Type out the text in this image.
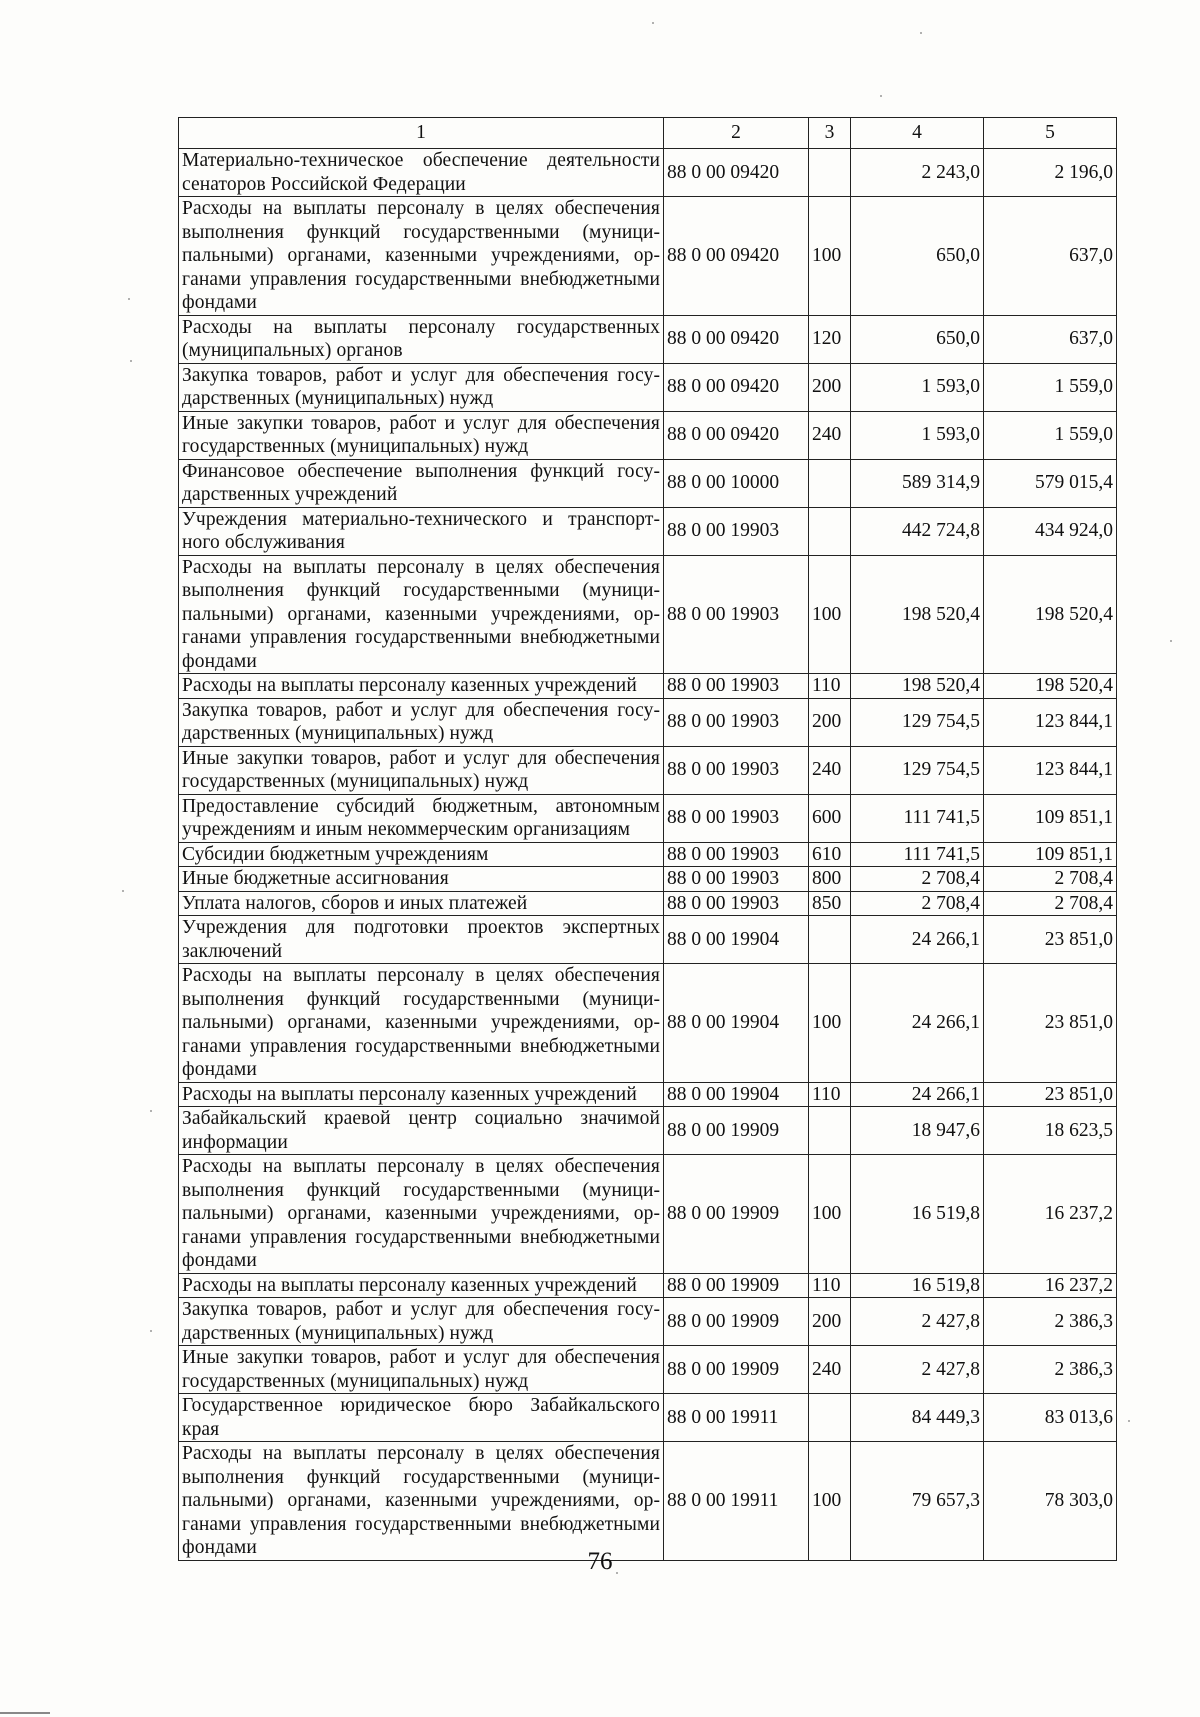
1	2	3	4	5
Материально-техническое обеспечение деятельности сенаторов Российской Федерации	88 0 00 09420		2 243,0	2 196,0
Расходы на выплаты персоналу в целях обеспечения выполнения функций государственными (муниципальными) органами, казенными учреждениями, органами управления государственными внебюджетными фондами	88 0 00 09420	100	650,0	637,0
Расходы на выплаты персоналу государственных (муниципальных) органов	88 0 00 09420	120	650,0	637,0
Закупка товаров, работ и услуг для обеспечения государственных (муниципальных) нужд	88 0 00 09420	200	1 593,0	1 559,0
Иные закупки товаров, работ и услуг для обеспечения государственных (муниципальных) нужд	88 0 00 09420	240	1 593,0	1 559,0
Финансовое обеспечение выполнения функций государственных учреждений	88 0 00 10000		589 314,9	579 015,4
Учреждения материально-технического и транспортного обслуживания	88 0 00 19903		442 724,8	434 924,0
Расходы на выплаты персоналу в целях обеспечения выполнения функций государственными (муниципальными) органами, казенными учреждениями, органами управления государственными внебюджетными фондами	88 0 00 19903	100	198 520,4	198 520,4
Расходы на выплаты персоналу казенных учреждений	88 0 00 19903	110	198 520,4	198 520,4
Закупка товаров, работ и услуг для обеспечения государственных (муниципальных) нужд	88 0 00 19903	200	129 754,5	123 844,1
Иные закупки товаров, работ и услуг для обеспечения государственных (муниципальных) нужд	88 0 00 19903	240	129 754,5	123 844,1
Предоставление субсидий бюджетным, автономным учреждениям и иным некоммерческим организациям	88 0 00 19903	600	111 741,5	109 851,1
Субсидии бюджетным учреждениям	88 0 00 19903	610	111 741,5	109 851,1
Иные бюджетные ассигнования	88 0 00 19903	800	2 708,4	2 708,4
Уплата налогов, сборов и иных платежей	88 0 00 19903	850	2 708,4	2 708,4
Учреждения для подготовки проектов экспертных заключений	88 0 00 19904		24 266,1	23 851,0
Расходы на выплаты персоналу в целях обеспечения выполнения функций государственными (муниципальными) органами, казенными учреждениями, органами управления государственными внебюджетными фондами	88 0 00 19904	100	24 266,1	23 851,0
Расходы на выплаты персоналу казенных учреждений	88 0 00 19904	110	24 266,1	23 851,0
Забайкальский краевой центр социально значимой информации	88 0 00 19909		18 947,6	18 623,5
Расходы на выплаты персоналу в целях обеспечения выполнения функций государственными (муниципальными) органами, казенными учреждениями, органами управления государственными внебюджетными фондами	88 0 00 19909	100	16 519,8	16 237,2
Расходы на выплаты персоналу казенных учреждений	88 0 00 19909	110	16 519,8	16 237,2
Закупка товаров, работ и услуг для обеспечения государственных (муниципальных) нужд	88 0 00 19909	200	2 427,8	2 386,3
Иные закупки товаров, работ и услуг для обеспечения государственных (муниципальных) нужд	88 0 00 19909	240	2 427,8	2 386,3
Государственное юридическое бюро Забайкальского края	88 0 00 19911		84 449,3	83 013,6
Расходы на выплаты персоналу в целях обеспечения выполнения функций государственными (муниципальными) органами, казенными учреждениями, органами управления государственными внебюджетными фондами	88 0 00 19911	100	79 657,3	78 303,0
76
